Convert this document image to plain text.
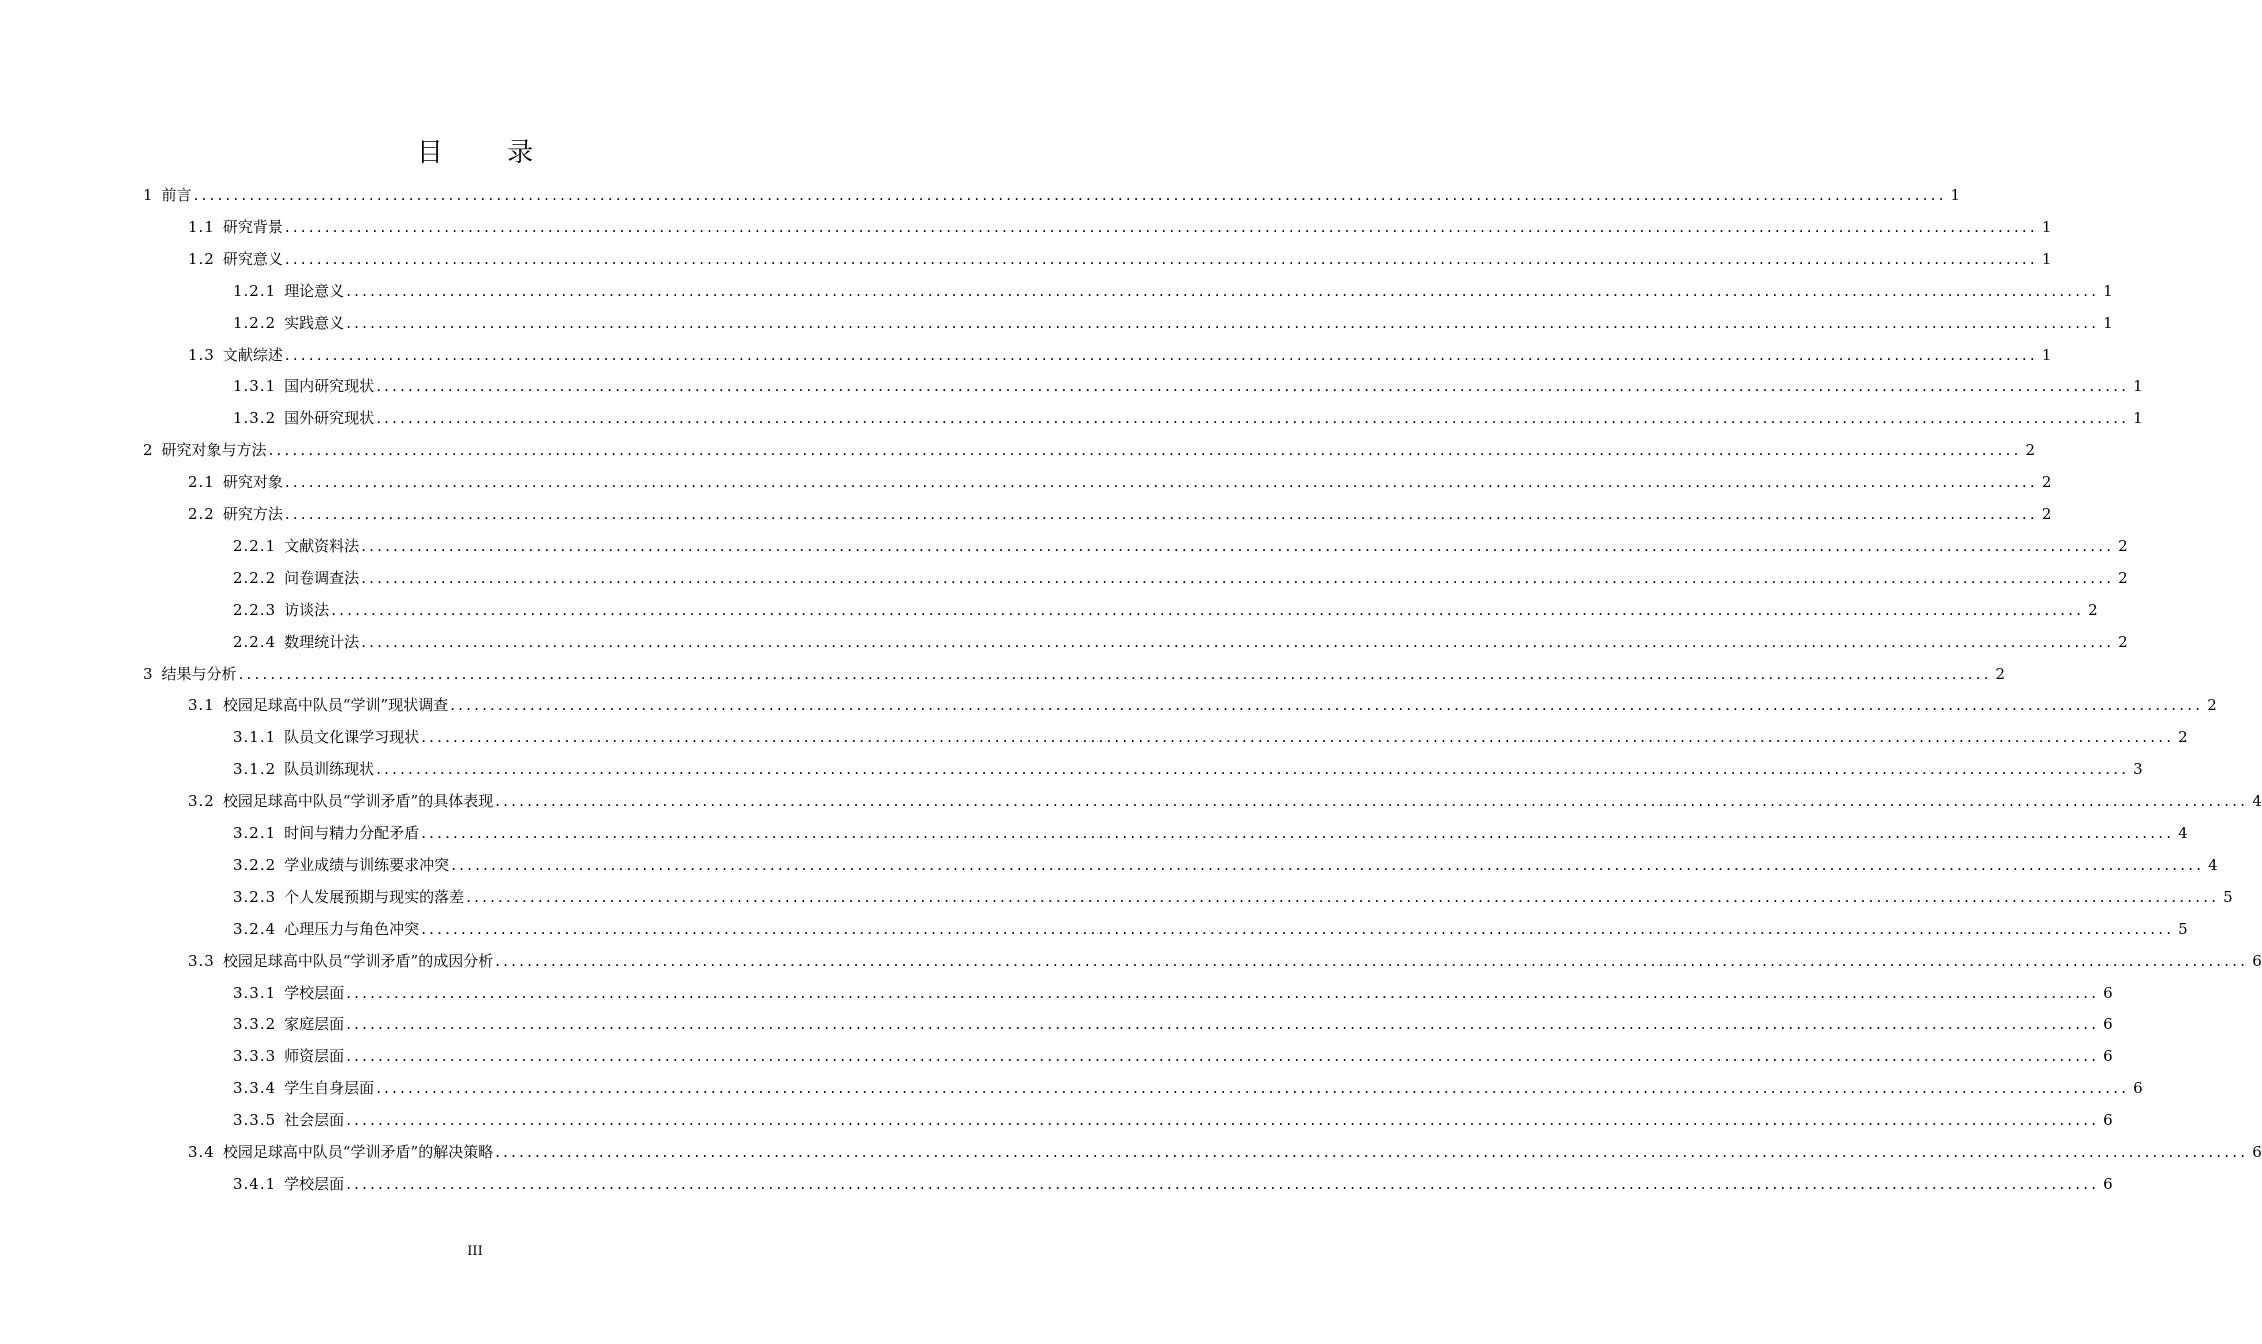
目 录
1 前言 ............................................................................................................................................................................................................................ 1
1.1 研究背景 ............................................................................................................................................................................................................................ 1
1.2 研究意义 ............................................................................................................................................................................................................................ 1
1.2.1 理论意义 ............................................................................................................................................................................................................................ 1
1.2.2 实践意义 ............................................................................................................................................................................................................................ 1
1.3 文献综述 ............................................................................................................................................................................................................................ 1
1.3.1 国内研究现状 ............................................................................................................................................................................................................................ 1
1.3.2 国外研究现状 ............................................................................................................................................................................................................................ 1
2 研究对象与方法 ............................................................................................................................................................................................................................ 2
2.1 研究对象 ............................................................................................................................................................................................................................ 2
2.2 研究方法 ............................................................................................................................................................................................................................ 2
2.2.1 文献资料法 ............................................................................................................................................................................................................................ 2
2.2.2 问卷调查法 ............................................................................................................................................................................................................................ 2
2.2.3 访谈法 ............................................................................................................................................................................................................................ 2
2.2.4 数理统计法 ............................................................................................................................................................................................................................ 2
3 结果与分析 ............................................................................................................................................................................................................................ 2
3.1 校园足球高中队员“学训”现状调查 ............................................................................................................................................................................................................................ 2
3.1.1 队员文化课学习现状 ............................................................................................................................................................................................................................ 2
3.1.2 队员训练现状 ............................................................................................................................................................................................................................ 3
3.2 校园足球高中队员“学训矛盾”的具体表现 ............................................................................................................................................................................................................................ 4
3.2.1 时间与精力分配矛盾 ............................................................................................................................................................................................................................ 4
3.2.2 学业成绩与训练要求冲突 ............................................................................................................................................................................................................................ 4
3.2.3 个人发展预期与现实的落差 ............................................................................................................................................................................................................................ 5
3.2.4 心理压力与角色冲突 ............................................................................................................................................................................................................................ 5
3.3 校园足球高中队员“学训矛盾”的成因分析 ............................................................................................................................................................................................................................ 6
3.3.1 学校层面 ............................................................................................................................................................................................................................ 6
3.3.2 家庭层面 ............................................................................................................................................................................................................................ 6
3.3.3 师资层面 ............................................................................................................................................................................................................................ 6
3.3.4 学生自身层面 ............................................................................................................................................................................................................................ 6
3.3.5 社会层面 ............................................................................................................................................................................................................................ 6
3.4 校园足球高中队员“学训矛盾”的解决策略 ............................................................................................................................................................................................................................ 6
3.4.1 学校层面 ............................................................................................................................................................................................................................ 6
III
